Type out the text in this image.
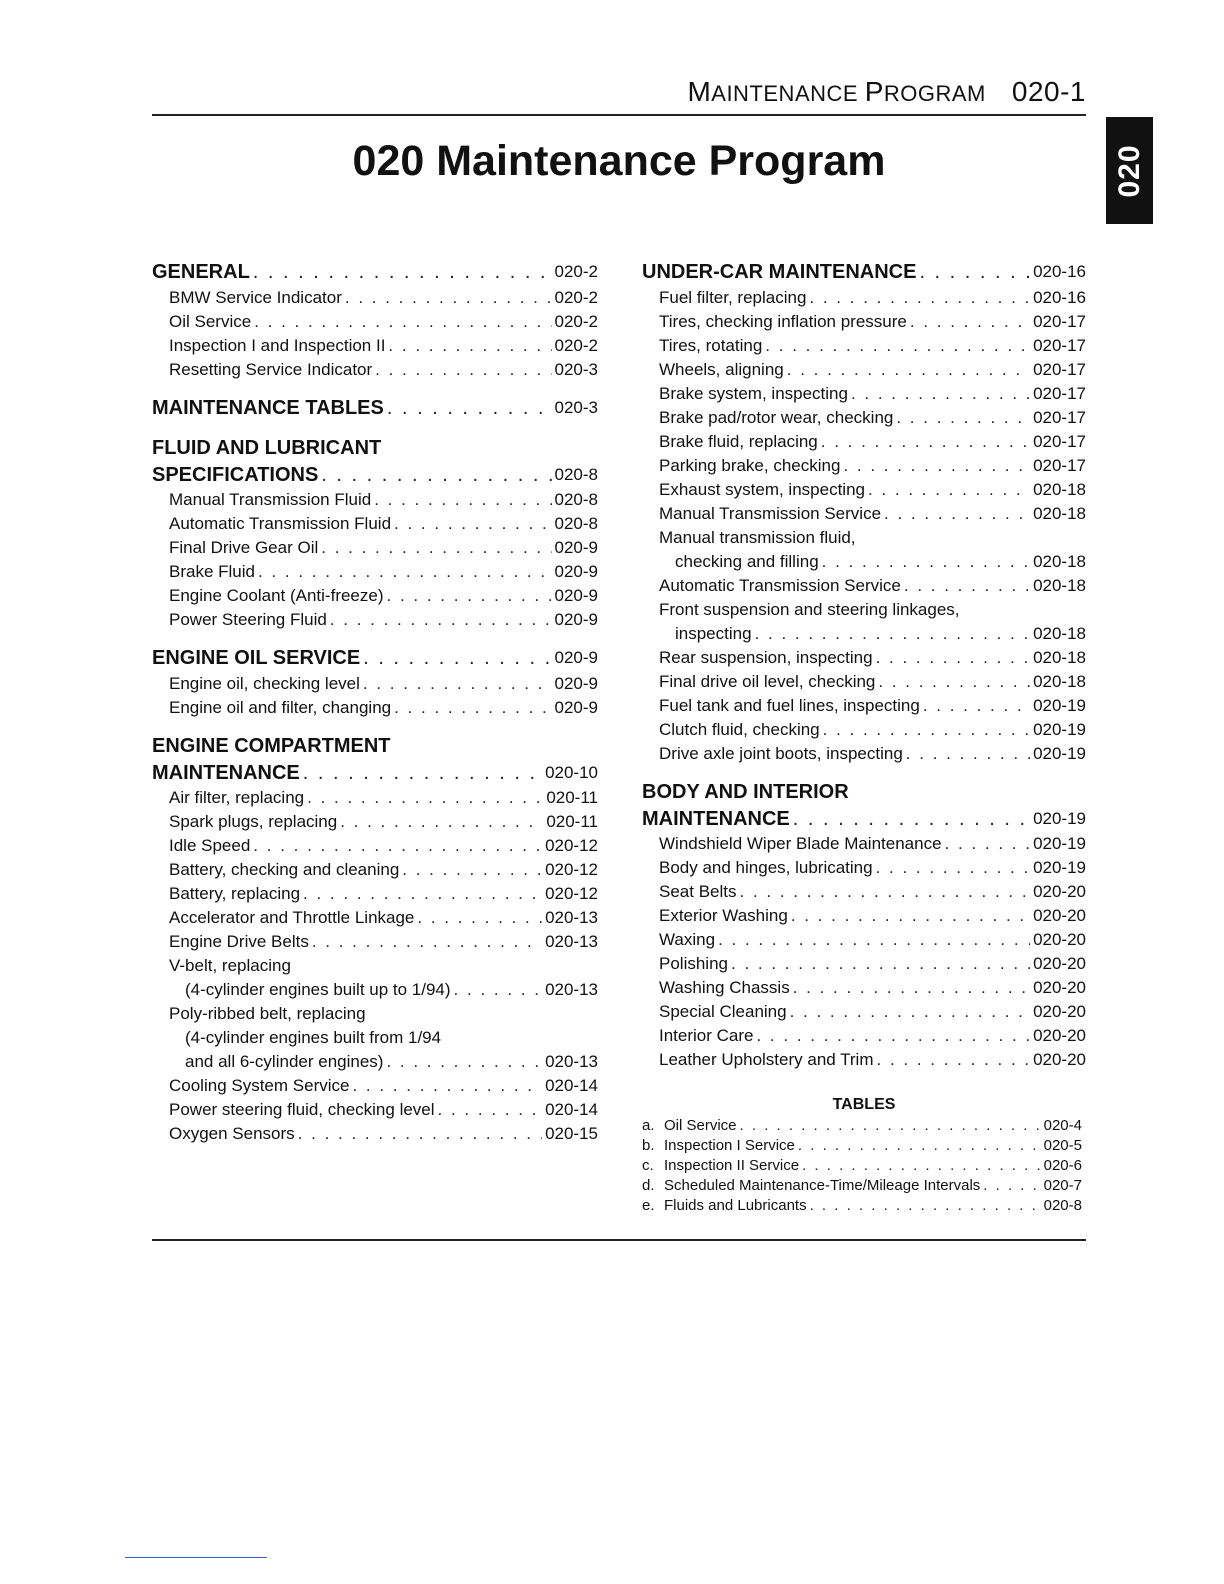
MAINTENANCE PROGRAM 020-1
020
020 Maintenance Program
GENERAL . . .	020-2
BMW Service Indicator . . .	020-2
Oil Service . . .	020-2
Inspection I and Inspection II . . .	020-2
Resetting Service Indicator . . .	020-3
MAINTENANCE TABLES . . .	020-3
FLUID AND LUBRICANT
SPECIFICATIONS . . .	020-8
Manual Transmission Fluid . . .	020-8
Automatic Transmission Fluid . . .	020-8
Final Drive Gear Oil . . .	020-9
Brake Fluid . . .	020-9
Engine Coolant (Anti-freeze) . . .	020-9
Power Steering Fluid . . .	020-9
ENGINE OIL SERVICE . . .	020-9
Engine oil, checking level . . .	020-9
Engine oil and filter, changing . . .	020-9
ENGINE COMPARTMENT
MAINTENANCE . . .	020-10
Air filter, replacing . . .	020-11
Spark plugs, replacing . . .	020-11
Idle Speed . . .	020-12
Battery, checking and cleaning . . .	020-12
Battery, replacing . . .	020-12
Accelerator and Throttle Linkage . . .	020-13
Engine Drive Belts . . .	020-13
V-belt, replacing
(4-cylinder engines built up to 1/94) . . .	020-13
Poly-ribbed belt, replacing
(4-cylinder engines built from 1/94
and all 6-cylinder engines) . . .	020-13
Cooling System Service . . .	020-14
Power steering fluid, checking level . . .	020-14
Oxygen Sensors . . .	020-15
UNDER-CAR MAINTENANCE . . .	020-16
Fuel filter, replacing . . .	020-16
Tires, checking inflation pressure . . .	020-17
Tires, rotating . . .	020-17
Wheels, aligning . . .	020-17
Brake system, inspecting . . .	020-17
Brake pad/rotor wear, checking . . .	020-17
Brake fluid, replacing . . .	020-17
Parking brake, checking . . .	020-17
Exhaust system, inspecting . . .	020-18
Manual Transmission Service . . .	020-18
Manual transmission fluid,
checking and filling . . .	020-18
Automatic Transmission Service . . .	020-18
Front suspension and steering linkages,
inspecting . . .	020-18
Rear suspension, inspecting . . .	020-18
Final drive oil level, checking . . .	020-18
Fuel tank and fuel lines, inspecting . . .	020-19
Clutch fluid, checking . . .	020-19
Drive axle joint boots, inspecting . . .	020-19
BODY AND INTERIOR
MAINTENANCE . . .	020-19
Windshield Wiper Blade Maintenance . . .	020-19
Body and hinges, lubricating . . .	020-19
Seat Belts . . .	020-20
Exterior Washing . . .	020-20
Waxing . . .	020-20
Polishing . . .	020-20
Washing Chassis . . .	020-20
Special Cleaning . . .	020-20
Interior Care . . .	020-20
Leather Upholstery and Trim . . .	020-20
TABLES
a. Oil Service . . .	020-4
b. Inspection I Service . . .	020-5
c. Inspection II Service . . .	020-6
d. Scheduled Maintenance-Time/Mileage Intervals . . .	020-7
e. Fluids and Lubricants . . .	020-8
